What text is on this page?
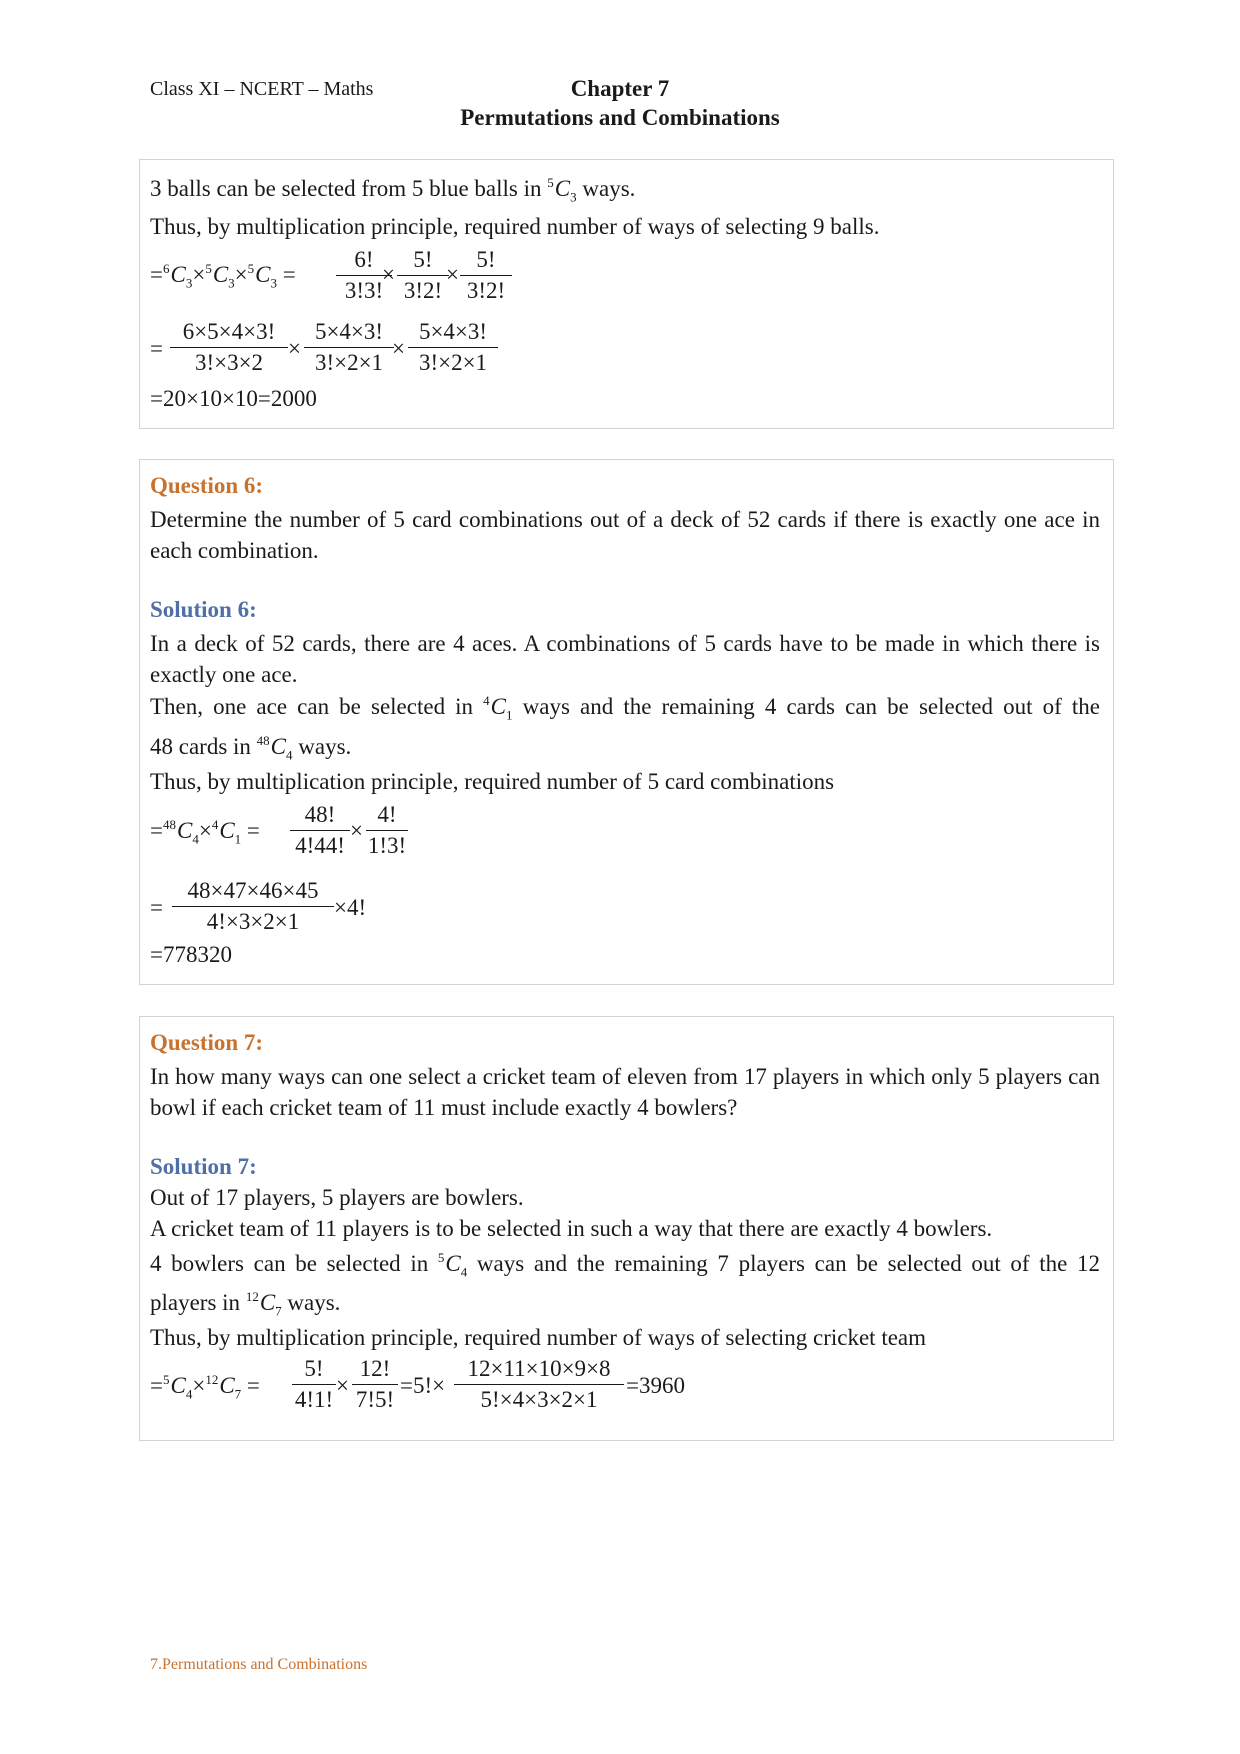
Class XI – NCERT – Maths	Chapter 7
Permutations and Combinations
3 balls can be selected from 5 blue balls in $^5C_3$ ways.
Thus, by multiplication principle, required number of ways of selecting 9 balls.
$=^6C_3\times^5C_3\times^5C_3$ =
6!
3!3!
×
5!
3!2!
×
5!
3!2!
=
6×5×4×3!
3!×3×2
×
5×4×3!
3!×2×1
×
5×4×3!
3!×2×1
=20×10×10=2000
Question 6:
Determine the number of 5 card combinations out of a deck of 52 cards if there is exactly one ace in each combination.
Solution 6:
In a deck of 52 cards, there are 4 aces. A combinations of 5 cards have to be made in which there is exactly one ace.
Then, one ace can be selected in $^4C_1$ ways and the remaining 4 cards can be selected out of the
48 cards in $^{48}C_4$ ways.
Thus, by multiplication principle, required number of 5 card combinations
$=^{48}C_4\times^4C_1$ =
48!
4!44!
×
4!
1!3!
=
48×47×46×45
4!×3×2×1
×4!
=778320
Question 7:
In how many ways can one select a cricket team of eleven from 17 players in which only 5 players can bowl if each cricket team of 11 must include exactly 4 bowlers?
Solution 7:
Out of 17 players, 5 players are bowlers.
A cricket team of 11 players is to be selected in such a way that there are exactly 4 bowlers.
4 bowlers can be selected in $^5C_4$ ways and the remaining 7 players can be selected out of the 12
players in $^{12}C_7$ ways.
Thus, by multiplication principle, required number of ways of selecting cricket team
$=^5C_4\times^{12}C_7$ =
5!
4!1!
×
12!
7!5!
=5!×
12×11×10×9×8
5!×4×3×2×1
=3960
7.Permutations and Combinations
